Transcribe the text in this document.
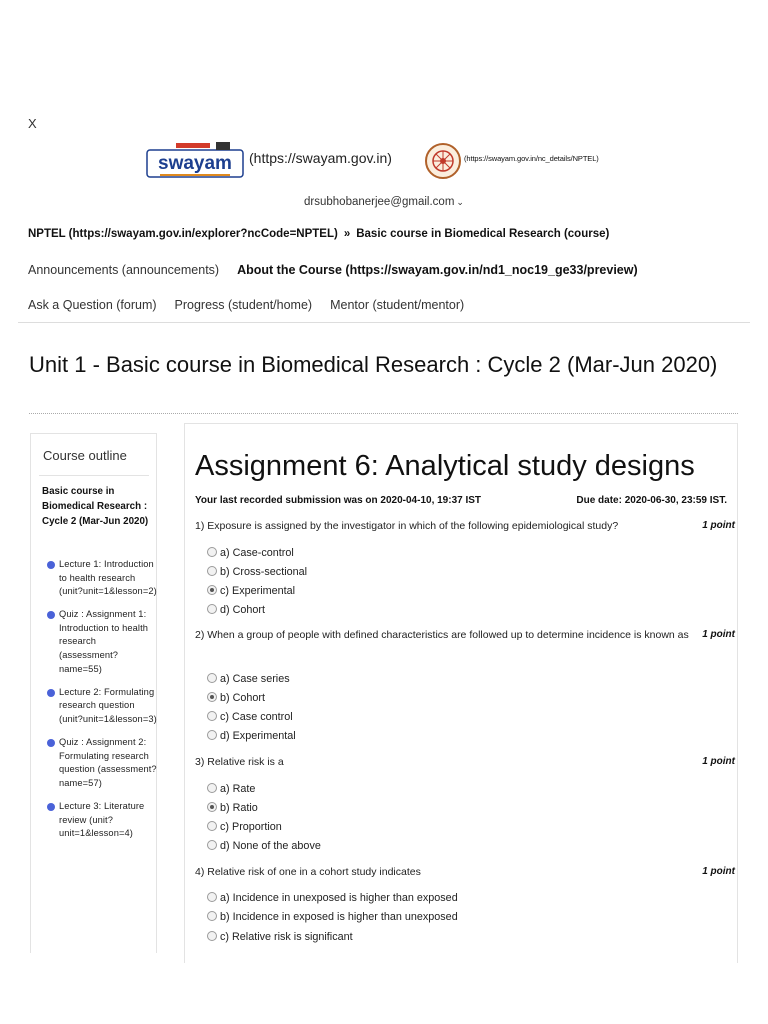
X
swayam (https://swayam.gov.in)	(https://swayam.gov.in/nc_details/NPTEL)
drsubhobanerjee@gmail.com ⌄
NPTEL (https://swayam.gov.in/explorer?ncCode=NPTEL) » Basic course in Biomedical Research (course)
Announcements (announcements) About the Course (https://swayam.gov.in/nd1_noc19_ge33/preview)
Ask a Question (forum) Progress (student/home) Mentor (student/mentor)
Unit 1 - Basic course in Biomedical Research : Cycle 2 (Mar-Jun 2020)
Course outline
Basic course in Biomedical Research : Cycle 2 (Mar-Jun 2020)
Lecture 1: Introduction to health research (unit?unit=1&lesson=2)
Quiz : Assignment 1: Introduction to health research (assessment?name=55)
Lecture 2: Formulating research question (unit?unit=1&lesson=3)
Quiz : Assignment 2: Formulating research question (assessment?name=57)
Lecture 3: Literature review (unit?unit=1&lesson=4)
Assignment 6: Analytical study designs
Your last recorded submission was on 2020-04-10, 19:37 IST	Due date: 2020-06-30, 23:59 IST.
1) Exposure is assigned by the investigator in which of the following epidemiological study?	1 point
a) Case-control
b) Cross-sectional
c) Experimental
d) Cohort
2) When a group of people with defined characteristics are followed up to determine incidence is known as	1 point
a) Case series
b) Cohort
c) Case control
d) Experimental
3) Relative risk is a	1 point
a) Rate
b) Ratio
c) Proportion
d) None of the above
4) Relative risk of one in a cohort study indicates	1 point
a) Incidence in unexposed is higher than exposed
b) Incidence in exposed is higher than unexposed
c) Relative risk is significant
